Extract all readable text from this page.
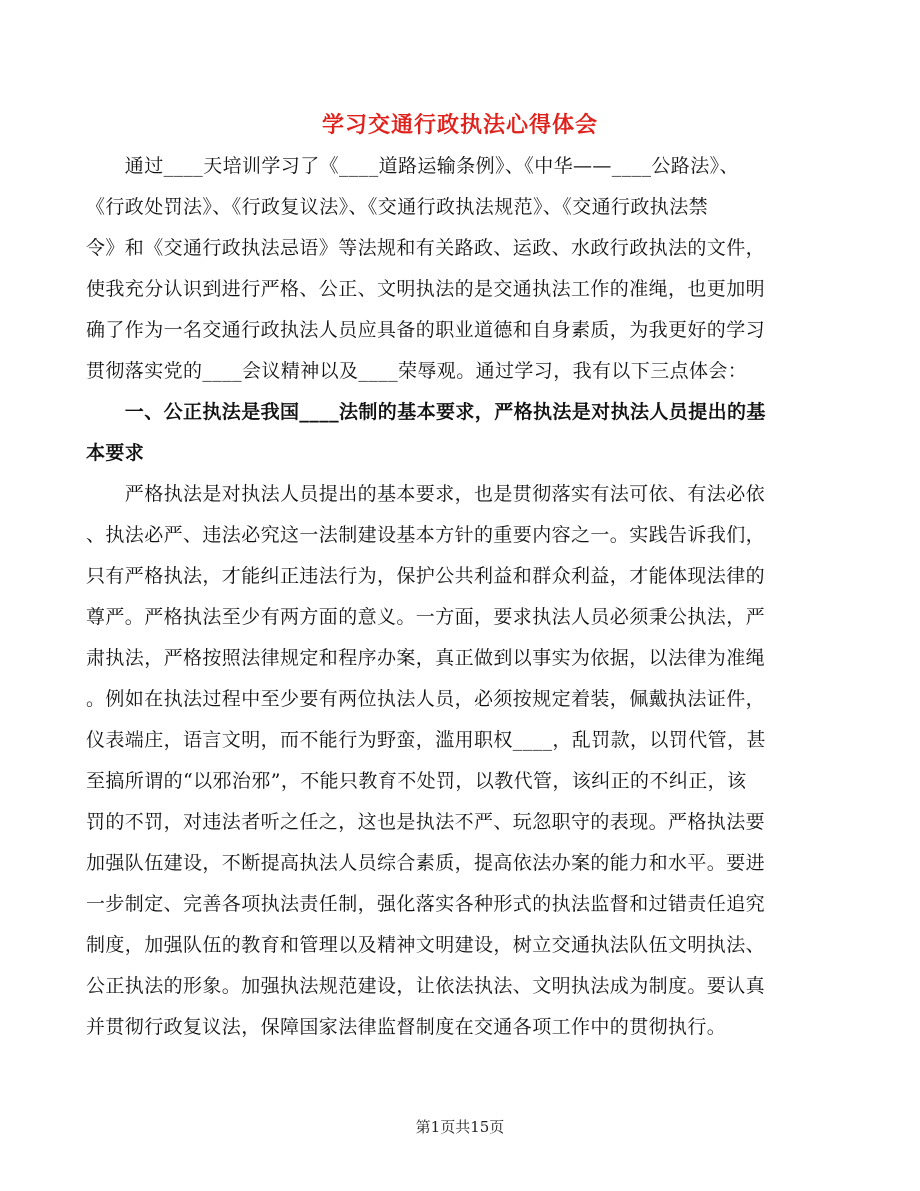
学习交通行政执法心得体会
　　通过____天培训学习了《____道路运输条例》、《中华——____公路法》、
《行政处罚法》、《行政复议法》、《交通行政执法规范》、《交通行政执法禁
令》和《交通行政执法忌语》等法规和有关路政、运政、水政行政执法的文件，
使我充分认识到进行严格、公正、文明执法的是交通执法工作的准绳，也更加明
确了作为一名交通行政执法人员应具备的职业道德和自身素质，为我更好的学习
贯彻落实党的____会议精神以及____荣辱观。通过学习，我有以下三点体会：
　　一、公正执法是我国____法制的基本要求，严格执法是对执法人员提出的基
本要求
　　严格执法是对执法人员提出的基本要求，也是贯彻落实有法可依、有法必依
、执法必严、违法必究这一法制建设基本方针的重要内容之一。实践告诉我们，
只有严格执法，才能纠正违法行为，保护公共利益和群众利益，才能体现法律的
尊严。严格执法至少有两方面的意义。一方面，要求执法人员必须秉公执法，严
肃执法，严格按照法律规定和程序办案，真正做到以事实为依据，以法律为准绳
。例如在执法过程中至少要有两位执法人员，必须按规定着装，佩戴执法证件，
仪表端庄，语言文明，而不能行为野蛮，滥用职权____，乱罚款，以罚代管，甚
至搞所谓的“以邪治邪”，不能只教育不处罚，以教代管，该纠正的不纠正，该
罚的不罚，对违法者听之任之，这也是执法不严、玩忽职守的表现。严格执法要
加强队伍建设，不断提高执法人员综合素质，提高依法办案的能力和水平。要进
一步制定、完善各项执法责任制，强化落实各种形式的执法监督和过错责任追究
制度，加强队伍的教育和管理以及精神文明建设，树立交通执法队伍文明执法、
公正执法的形象。加强执法规范建设，让依法执法、文明执法成为制度。要认真
并贯彻行政复议法，保障国家法律监督制度在交通各项工作中的贯彻执行。
第1页共15页
